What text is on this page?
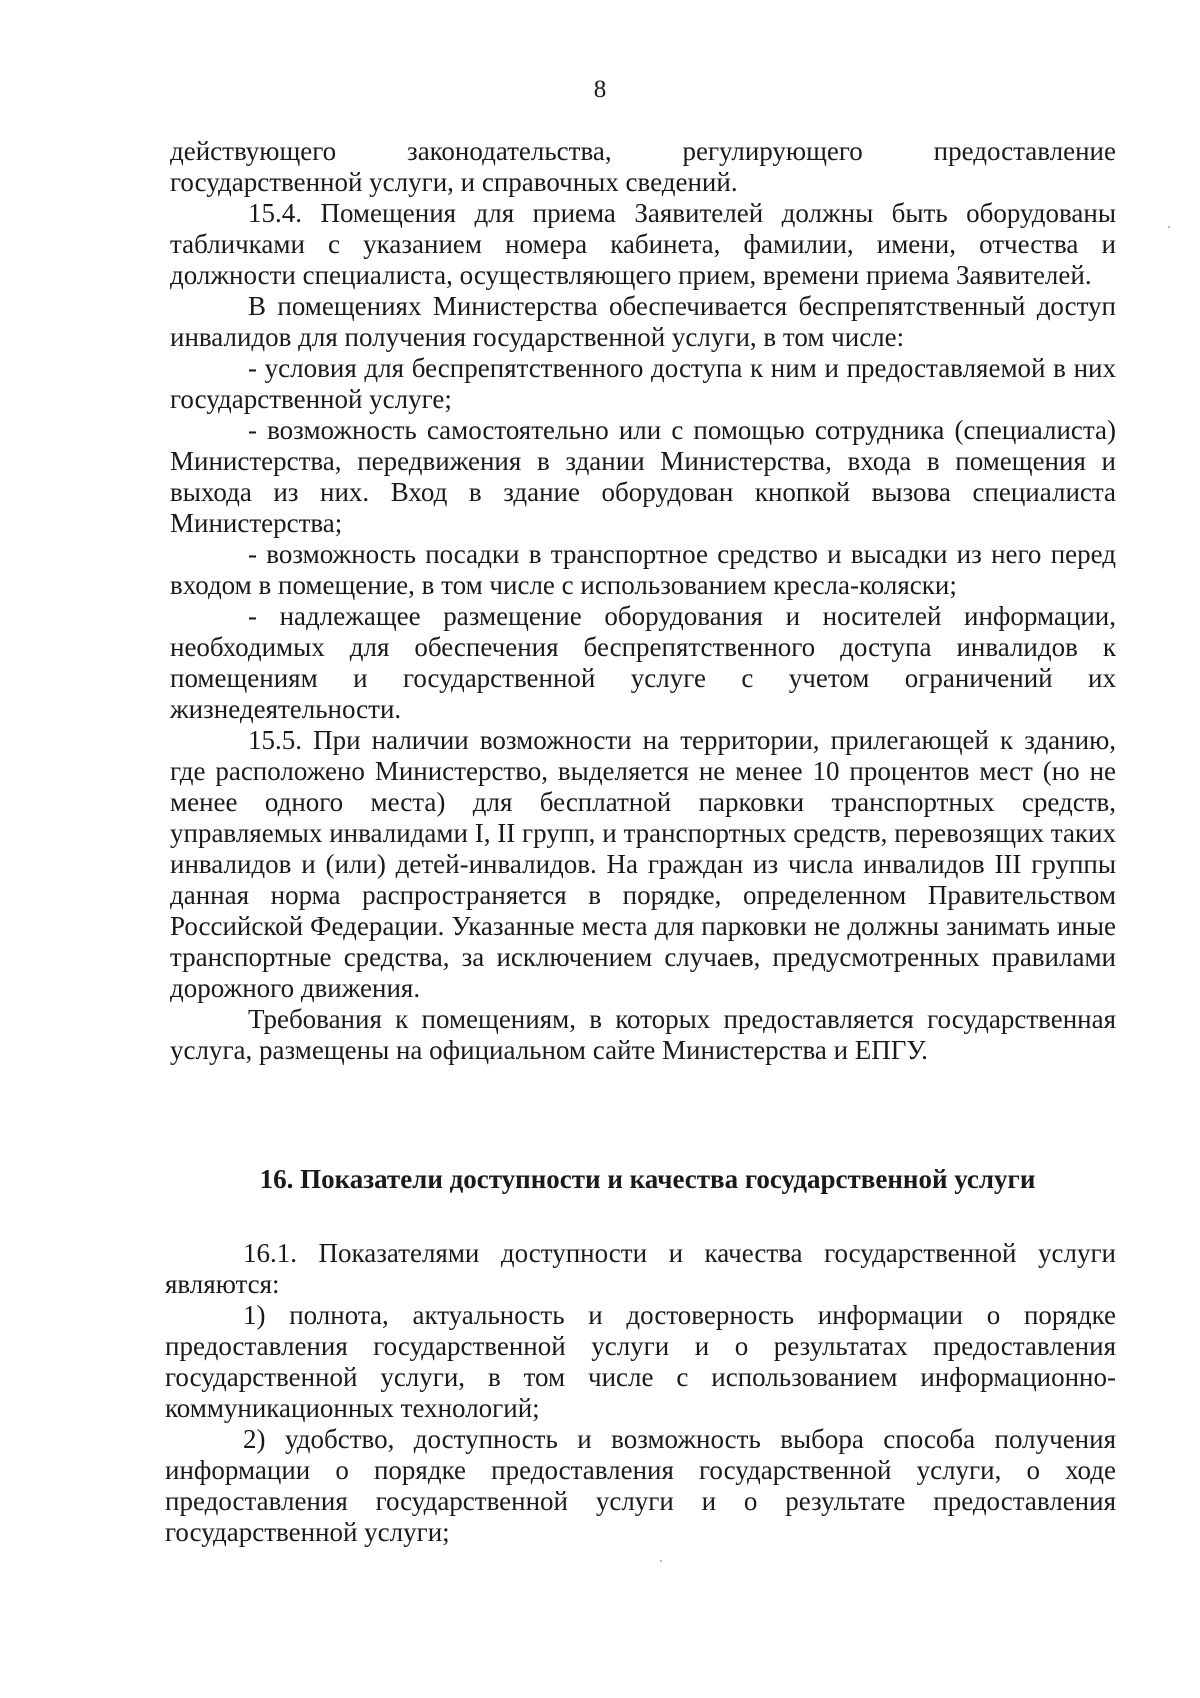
8

действующего законодательства, регулирующего предоставление государственной услуги, и справочных сведений.

15.4. Помещения для приема Заявителей должны быть оборудованы табличками с указанием номера кабинета, фамилии, имени, отчества и должности специалиста, осуществляющего прием, времени приема Заявителей.

В помещениях Министерства обеспечивается беспрепятственный доступ инвалидов для получения государственной услуги, в том числе:

- условия для беспрепятственного доступа к ним и предоставляемой в них государственной услуге;

- возможность самостоятельно или с помощью сотрудника (специалиста) Министерства, передвижения в здании Министерства, входа в помещения и выхода из них. Вход в здание оборудован кнопкой вызова специалиста Министерства;

- возможность посадки в транспортное средство и высадки из него перед входом в помещение, в том числе с использованием кресла-коляски;

- надлежащее размещение оборудования и носителей информации, необходимых для обеспечения беспрепятственного доступа инвалидов к помещениям и государственной услуге с учетом ограничений их жизнедеятельности.

15.5. При наличии возможности на территории, прилегающей к зданию, где расположено Министерство, выделяется не менее 10 процентов мест (но не менее одного места) для бесплатной парковки транспортных средств, управляемых инвалидами I, II групп, и транспортных средств, перевозящих таких инвалидов и (или) детей-инвалидов. На граждан из числа инвалидов III группы данная норма распространяется в порядке, определенном Правительством Российской Федерации. Указанные места для парковки не должны занимать иные транспортные средства, за исключением случаев, предусмотренных правилами дорожного движения.

Требования к помещениям, в которых предоставляется государственная услуга, размещены на официальном сайте Министерства и ЕПГУ.

16. Показатели доступности и качества государственной услуги

16.1. Показателями доступности и качества государственной услуги являются:

1) полнота, актуальность и достоверность информации о порядке предоставления государственной услуги и о результатах предоставления государственной услуги, в том числе с использованием информационно-коммуникационных технологий;

2) удобство, доступность и возможность выбора способа получения информации о порядке предоставления государственной услуги, о ходе предоставления государственной услуги и о результате предоставления государственной услуги;
